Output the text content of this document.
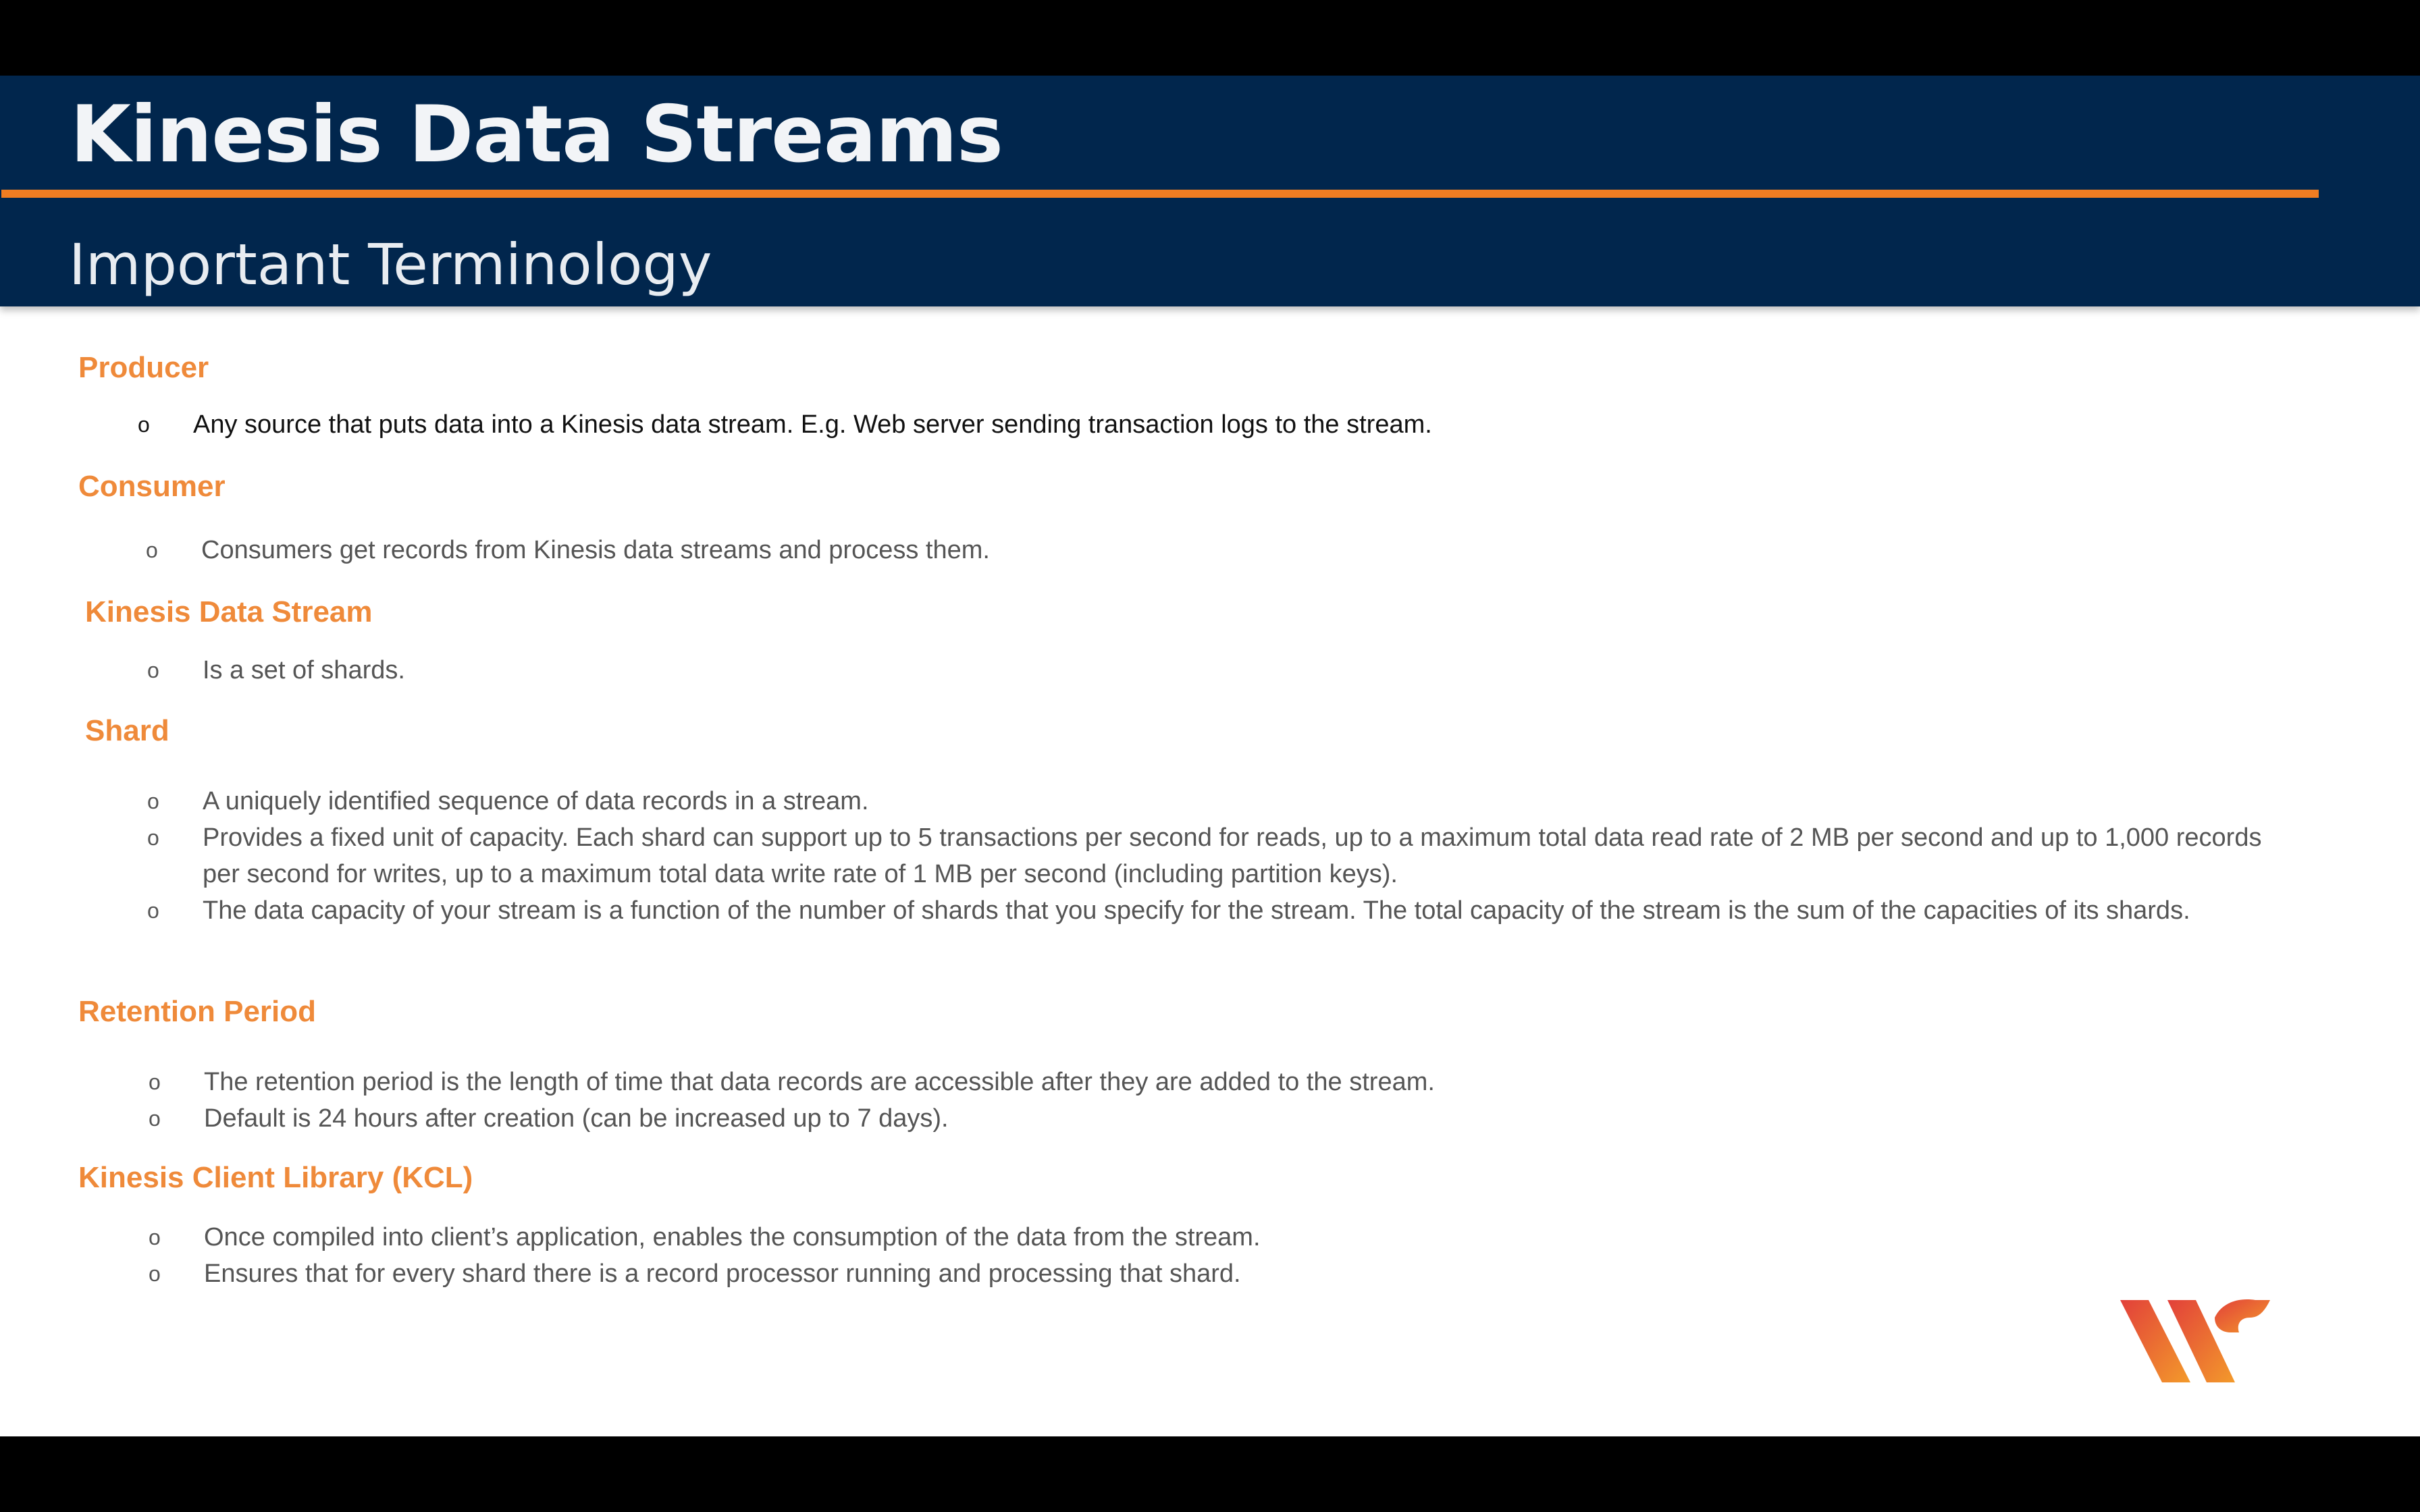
Kinesis Data Streams
Important Terminology
Producer
o Any source that puts data into a Kinesis data stream. E.g. Web server sending transaction logs to the stream.
Consumer
o Consumers get records from Kinesis data streams and process them.
Kinesis Data Stream
o Is a set of shards.
Shard
o A uniquely identified sequence of data records in a stream.
o Provides a fixed unit of capacity. Each shard can support up to 5 transactions per second for reads, up to a maximum total data read rate of 2 MB per second and up to 1,000 records per second for writes, up to a maximum total data write rate of 1 MB per second (including partition keys).
o The data capacity of your stream is a function of the number of shards that you specify for the stream. The total capacity of the stream is the sum of the capacities of its shards.
Retention Period
o The retention period is the length of time that data records are accessible after they are added to the stream.
o Default is 24 hours after creation (can be increased up to 7 days).
Kinesis Client Library (KCL)
o Once compiled into client’s application, enables the consumption of the data from the stream.
o Ensures that for every shard there is a record processor running and processing that shard.
